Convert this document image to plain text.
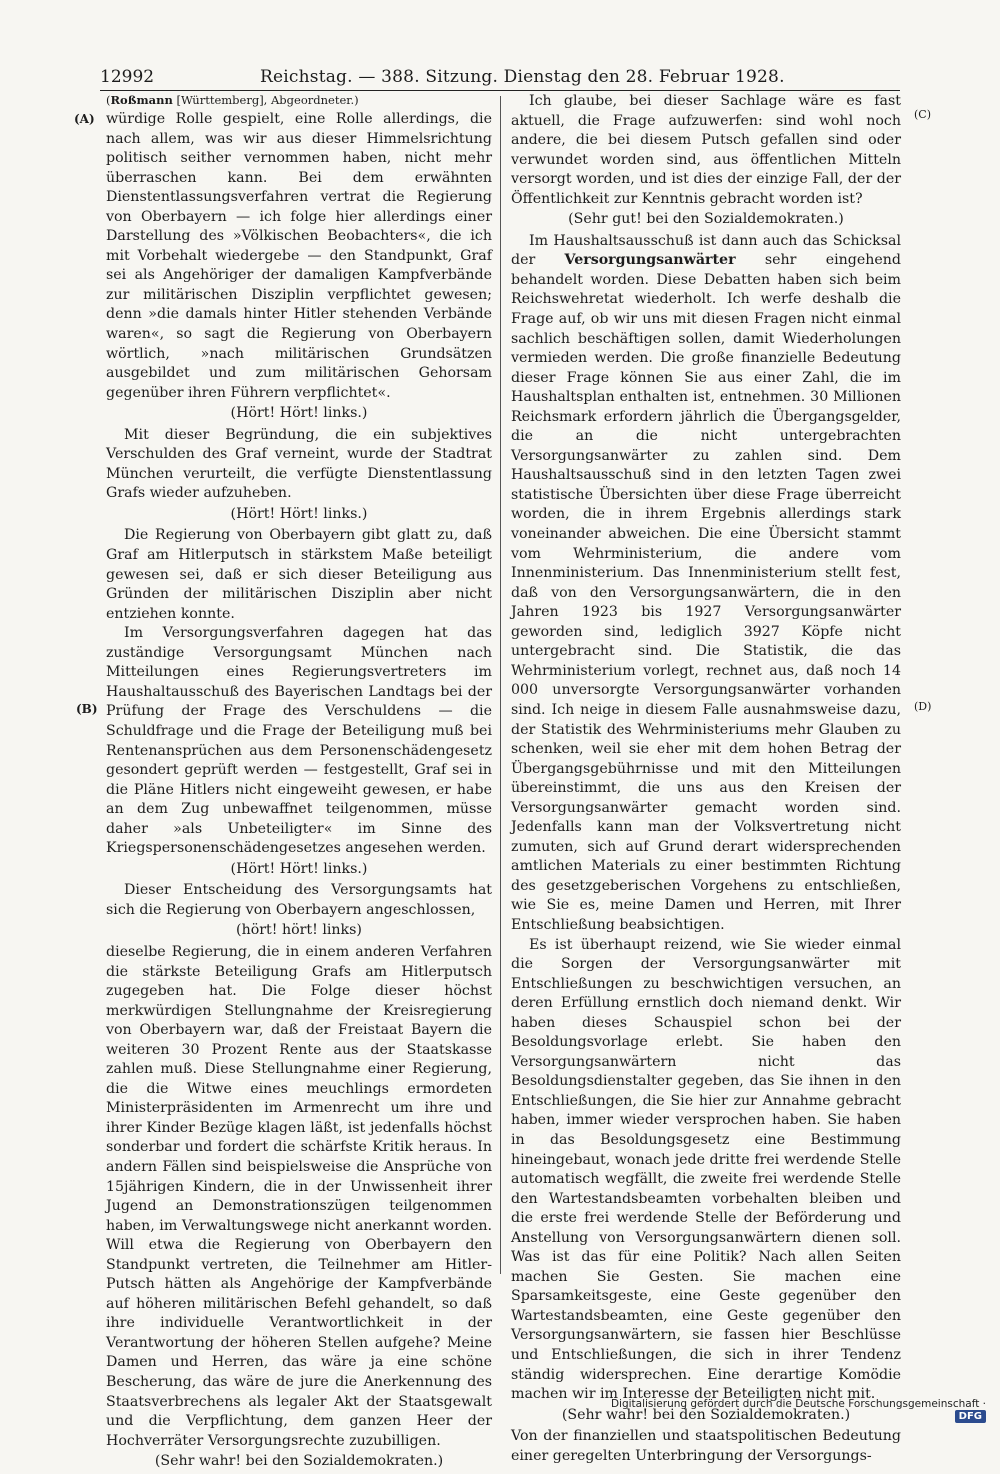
12992	Reichstag. — 388. Sitzung. Dienstag den 28. Februar 1928.
(A)
(B)
(C)
(D)

(Roßmann [Württemberg], Abgeordneter.)

würdige Rolle gespielt, eine Rolle allerdings, die nach allem, was wir aus dieser Himmelsrichtung politisch seither vernommen haben, nicht mehr überraschen kann. Bei dem erwähnten Dienstentlassungsverfahren vertrat die Regierung von Oberbayern — ich folge hier allerdings einer Darstellung des »Völkischen Beobachters«, die ich mit Vorbehalt wiedergebe — den Standpunkt, Graf sei als Angehöriger der damaligen Kampfverbände zur militärischen Disziplin verpflichtet gewesen; denn »die damals hinter Hitler stehenden Verbände waren«, so sagt die Regierung von Oberbayern wörtlich, »nach militärischen Grundsätzen ausgebildet und zum militärischen Gehorsam gegenüber ihren Führern verpflichtet«.

(Hört! Hört! links.)

Mit dieser Begründung, die ein subjektives Verschulden des Graf verneint, wurde der Stadtrat München verurteilt, die verfügte Dienstentlassung Grafs wieder aufzuheben.

(Hört! Hört! links.)

Die Regierung von Oberbayern gibt glatt zu, daß Graf am Hitlerputsch in stärkstem Maße beteiligt gewesen sei, daß er sich dieser Beteiligung aus Gründen der militärischen Disziplin aber nicht entziehen konnte.

Im Versorgungsverfahren dagegen hat das zuständige Versorgungsamt München nach Mitteilungen eines Regierungsvertreters im Haushaltausschuß des Bayerischen Landtags bei der Prüfung der Frage des Verschuldens — die Schuldfrage und die Frage der Beteiligung muß bei Rentenansprüchen aus dem Personenschädengesetz gesondert geprüft werden — festgestellt, Graf sei in die Pläne Hitlers nicht eingeweiht gewesen, er habe an dem Zug unbewaffnet teilgenommen, müsse daher »als Unbeteiligter« im Sinne des Kriegspersonenschädengesetzes angesehen werden.

(Hört! Hört! links.)

Dieser Entscheidung des Versorgungsamts hat sich die Regierung von Oberbayern angeschlossen,

(hört! hört! links)

dieselbe Regierung, die in einem anderen Verfahren die stärkste Beteiligung Grafs am Hitlerputsch zugegeben hat. Die Folge dieser höchst merkwürdigen Stellungnahme der Kreisregierung von Oberbayern war, daß der Freistaat Bayern die weiteren 30 Prozent Rente aus der Staatskasse zahlen muß. Diese Stellungnahme einer Regierung, die die Witwe eines meuchlings ermordeten Ministerpräsidenten im Armenrecht um ihre und ihrer Kinder Bezüge klagen läßt, ist jedenfalls höchst sonderbar und fordert die schärfste Kritik heraus. In andern Fällen sind beispielsweise die Ansprüche von 15jährigen Kindern, die in der Unwissenheit ihrer Jugend an Demonstrationszügen teilgenommen haben, im Verwaltungswege nicht anerkannt worden. Will etwa die Regierung von Oberbayern den Standpunkt vertreten, die Teilnehmer am Hitler-Putsch hätten als Angehörige der Kampfverbände auf höheren militärischen Befehl gehandelt, so daß ihre individuelle Verantwortlichkeit in der Verantwortung der höheren Stellen aufgehe? Meine Damen und Herren, das wäre ja eine schöne Bescherung, das wäre de jure die Anerkennung des Staatsverbrechens als legaler Akt der Staatsgewalt und die Verpflichtung, dem ganzen Heer der Hochverräter Versorgungsrechte zuzubilligen.

(Sehr wahr! bei den Sozialdemokraten.)

Ich glaube, bei dieser Sachlage wäre es fast aktuell, die Frage aufzuwerfen: sind wohl noch andere, die bei diesem Putsch gefallen sind oder verwundet worden sind, aus öffentlichen Mitteln versorgt worden, und ist dies der einzige Fall, der der Öffentlichkeit zur Kenntnis gebracht worden ist?

(Sehr gut! bei den Sozialdemokraten.)

Im Haushaltsausschuß ist dann auch das Schicksal der Versorgungsanwärter sehr eingehend behandelt worden. Diese Debatten haben sich beim Reichswehretat wiederholt. Ich werfe deshalb die Frage auf, ob wir uns mit diesen Fragen nicht einmal sachlich beschäftigen sollen, damit Wiederholungen vermieden werden. Die große finanzielle Bedeutung dieser Frage können Sie aus einer Zahl, die im Haushaltsplan enthalten ist, entnehmen. 30 Millionen Reichsmark erfordern jährlich die Übergangsgelder, die an die nicht untergebrachten Versorgungsanwärter zu zahlen sind. Dem Haushaltsausschuß sind in den letzten Tagen zwei statistische Übersichten über diese Frage überreicht worden, die in ihrem Ergebnis allerdings stark voneinander abweichen. Die eine Übersicht stammt vom Wehrministerium, die andere vom Innenministerium. Das Innenministerium stellt fest, daß von den Versorgungsanwärtern, die in den Jahren 1923 bis 1927 Versorgungsanwärter geworden sind, lediglich 3927 Köpfe nicht untergebracht sind. Die Statistik, die das Wehrministerium vorlegt, rechnet aus, daß noch 14 000 unversorgte Versorgungsanwärter vorhanden sind. Ich neige in diesem Falle ausnahmsweise dazu, der Statistik des Wehrministeriums mehr Glauben zu schenken, weil sie eher mit dem hohen Betrag der Übergangsgebührnisse und mit den Mitteilungen übereinstimmt, die uns aus den Kreisen der Versorgungsanwärter gemacht worden sind. Jedenfalls kann man der Volksvertretung nicht zumuten, sich auf Grund derart widersprechenden amtlichen Materials zu einer bestimmten Richtung des gesetzgeberischen Vorgehens zu entschließen, wie Sie es, meine Damen und Herren, mit Ihrer Entschließung beabsichtigen.

Es ist überhaupt reizend, wie Sie wieder einmal die Sorgen der Versorgungsanwärter mit Entschließungen zu beschwichtigen versuchen, an deren Erfüllung ernstlich doch niemand denkt. Wir haben dieses Schauspiel schon bei der Besoldungsvorlage erlebt. Sie haben den Versorgungsanwärtern nicht das Besoldungsdienstalter gegeben, das Sie ihnen in den Entschließungen, die Sie hier zur Annahme gebracht haben, immer wieder versprochen haben. Sie haben in das Besoldungsgesetz eine Bestimmung hineingebaut, wonach jede dritte frei werdende Stelle automatisch wegfällt, die zweite frei werdende Stelle den Wartestandsbeamten vorbehalten bleiben und die erste frei werdende Stelle der Beförderung und Anstellung von Versorgungsanwärtern dienen soll. Was ist das für eine Politik? Nach allen Seiten machen Sie Gesten. Sie machen eine Sparsamkeitsgeste, eine Geste gegenüber den Wartestandsbeamten, eine Geste gegenüber den Versorgungsanwärtern, sie fassen hier Beschlüsse und Entschließungen, die sich in ihrer Tendenz ständig widersprechen. Eine derartige Komödie machen wir im Interesse der Beteiligten nicht mit.

(Sehr wahr! bei den Sozialdemokraten.)

Von der finanziellen und staatspolitischen Bedeutung einer geregelten Unterbringung der Versorgungs-

Digitalisierung gefördert durch die Deutsche Forschungsgemeinschaft ·DFG
